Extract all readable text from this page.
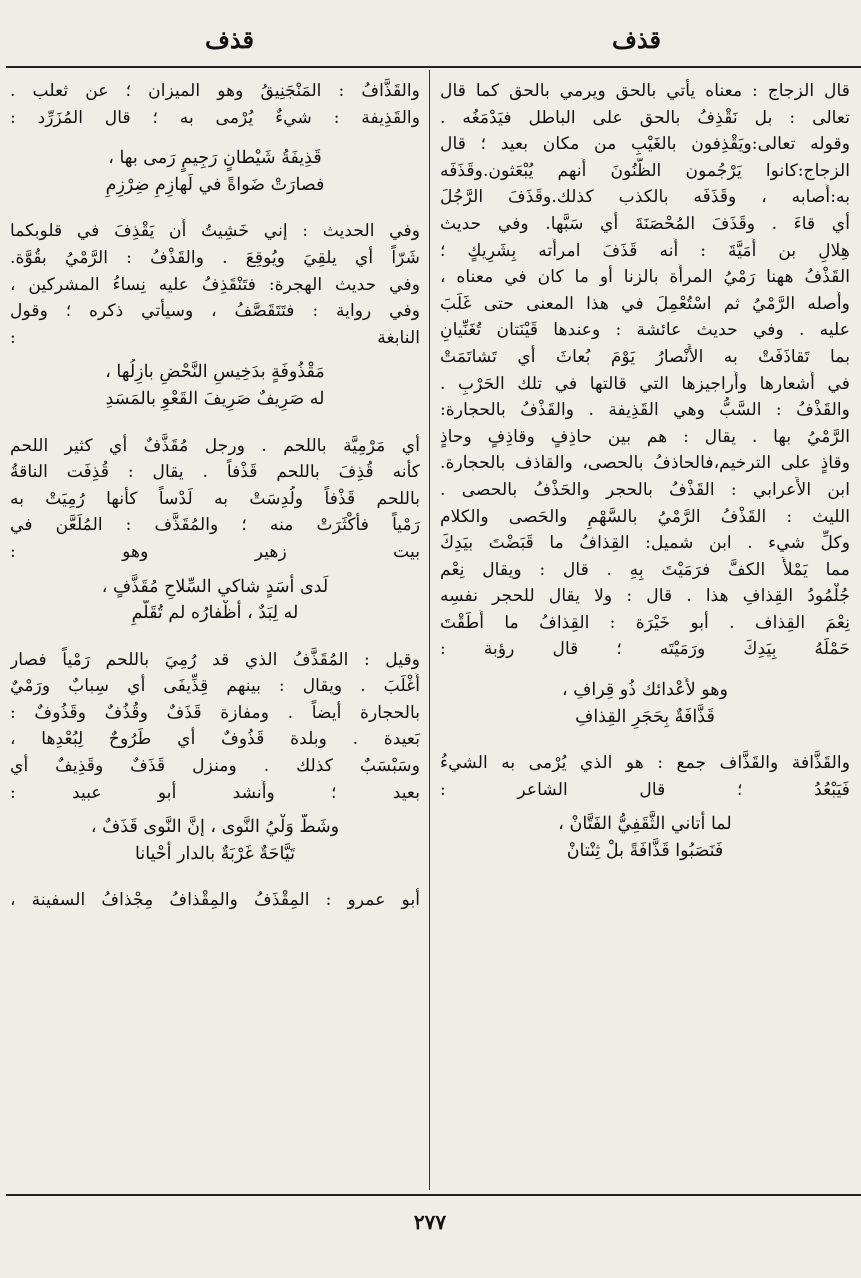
قذف
قذف
قال الزجاج : معناه يأْتي بالحق ويرمي بالحق كما قال
تعالى : بل نَقْذِفُ بالحق على الباطل فيَدْمَغُه .
وقوله تعالى:ويَقْذِفون بالغَيْبِ من مكان بعيد ؛ قال
الزجاج:كانوا يَرْجُمون الظُّنُونَ أَنهم يُبْعَثون.وقَذَفَه
به:أَصابه ، وقَذَفَه بالكذب كذلك.وقَذَفَ الرَّجُلَ
أي قاءَ . وقَذَفَ المُحْصَنَةَ أي سَبَّها. وفي حديث
هِلالِ بن أُمَيَّةَ : أَنه قَذَفَ امرأَته بِشَرِيكٍ ؛
القَذْفُ ههنا رَمْيُ المرأَة بالزنا أو ما كان في معناه ،
وأَصله الرَّمْيُ ثم اسْتُعْمِلَ في هذا المعنى حتى غَلَبَ
عليه . وفي حديث عائشة : وعندها قَيْنَتان تُغَنِّيانِ
بما تَقاذَفَتْ به الأَنْصارُ يَوْمَ بُعاثَ أي تَشاتَمَتْ
في أَشعارها وأَراجيزها التي قالتها في تلك الحَرْبِ .
والقَذْفُ : السَّبُّ وهي القَذِيفة . والقَذْفُ بالحجارة:
الرَّمْيُ بها . يقال : هم بين حاذِفٍ وقاذِفٍ وحاذٍ
وقاذٍ على الترخيم،فالحاذفُ بالحصى، والقاذف بالحجارة.
ابن الأَعرابي : القَذْفُ بالحجر والحَذْفُ بالحصى .
الليث : القَذْفُ الرَّمْيُ بالسَّهْمِ والحَصى والكلام
وكلِّ شيء . ابن شميل: القِذافُ ما قَبَضْتَ بيَدِكَ
مما يَمْلأُ الكفَّ فرَمَيْتَ بِهِ . قال : ويقال نِعْم
جُلْمُودُ القِذافِ هذا . قال : ولا يقال للحجر نفسِه
نِعْمَ القِذاف . أبو خَيْرَة : القِذافُ ما أَطَقْتَ
حَمْلَهُ بِيَدِكَ ورَمَيْتَه ؛ قال رؤبة :
وهو لأَعْدائك ذُو قِرافِ ،
قَذَّافَةٌ بِحَجَرِ القِذافِ
والقَذَّافة والقَذَّاف جمع : هو الذي يُرْمى به الشيءُ
فَيَبْعُدُ ؛ قال الشاعر :
لما أَتاني الثَّقَفِيُّ الفَتَّانْ ،
فَنَصَبُوا قَذَّافَةً بلْ ثِنْتانْ
والقَذَّافُ : المَنْجَنِيقُ وهو الميزان ؛ عن ثعلب .
والقَذِيفة : شيءٌ يُرْمى به ؛ قال المُزَرِّد :
قَذِيفَةُ شَيْطانٍ رَجِيمٍ رَمى بها ،
فصارَتْ ضَواةً في لَهازِمِ ضِرْزِمِ
وفي الحديث : إني خَشِيتُ أَن يَقْذِفَ في قلوبكما
شَرّاً أي يلقِيَ ويُوقِعَ . والقَذْفُ : الرَّمْيُ بقُوَّة.
وفي حديث الهجرة: فتَنْقَذِفُ عليه نِساءُ المشركين ،
وفي رواية : فتَتَقَصَّفُ ، وسيأْتي ذكره ؛ وقول
النابغة :
مَقْذُوفَةٍ بدَخِيسِ النَّحْضِ بازِلُها ،
له صَرِيفٌ صَرِيفَ القَعْوِ بالمَسَدِ
أي مَرْمِيَّة باللحم . ورجل مُقَذَّفٌ أي كثير اللحم
كأَنه قُذِفَ باللحم قَذْفاً . يقال : قُذِفَت الناقةُ
باللحم قَذْفاً ولُدِسَتْ به لَدْساً كأَنها رُمِيَتْ به
رَمْياً فأَكْثَرَتْ منه ؛ والمُقَذَّف : المُلَعَّن في
بيت زهير وهو :
لَدى أَسَدٍ شاكي السِّلاحِ مُقَذَّفٍ ،
له لِبَدٌ ، أَظْفارُه لم تُقَلَّمِ
وقيل : المُقَذَّفُ الذي قد رُمِيَ باللحم رَمْياً فصار
أَغْلَبَ . ويقال : بينهم قِذِّيفَى أي سِبابٌ ورَمْيٌ
بالحجارة أيضاً . ومفازة قَذَفٌ وقُذُفٌ وقَذُوفٌ :
بَعيدة . وبلدة قَذُوفٌ أي طَرُوحٌ لِبُعْدِها ،
وسَبْسَبٌ كذلك . ومنزل قَذَفٌ وقَذِيفٌ أي
بعيد ؛ وأَنشد أبو عبيد :
وشَطَّ وَلْيُ النَّوى ، إنَّ النَّوى قَذَفٌ ،
تَيَّاحَةٌ غَرْبَةٌ بالدار أَحْيانا
أبو عمرو : المِقْذَفُ والمِقْذافُ مِجْذافُ السفينة ،
٢٧٧
